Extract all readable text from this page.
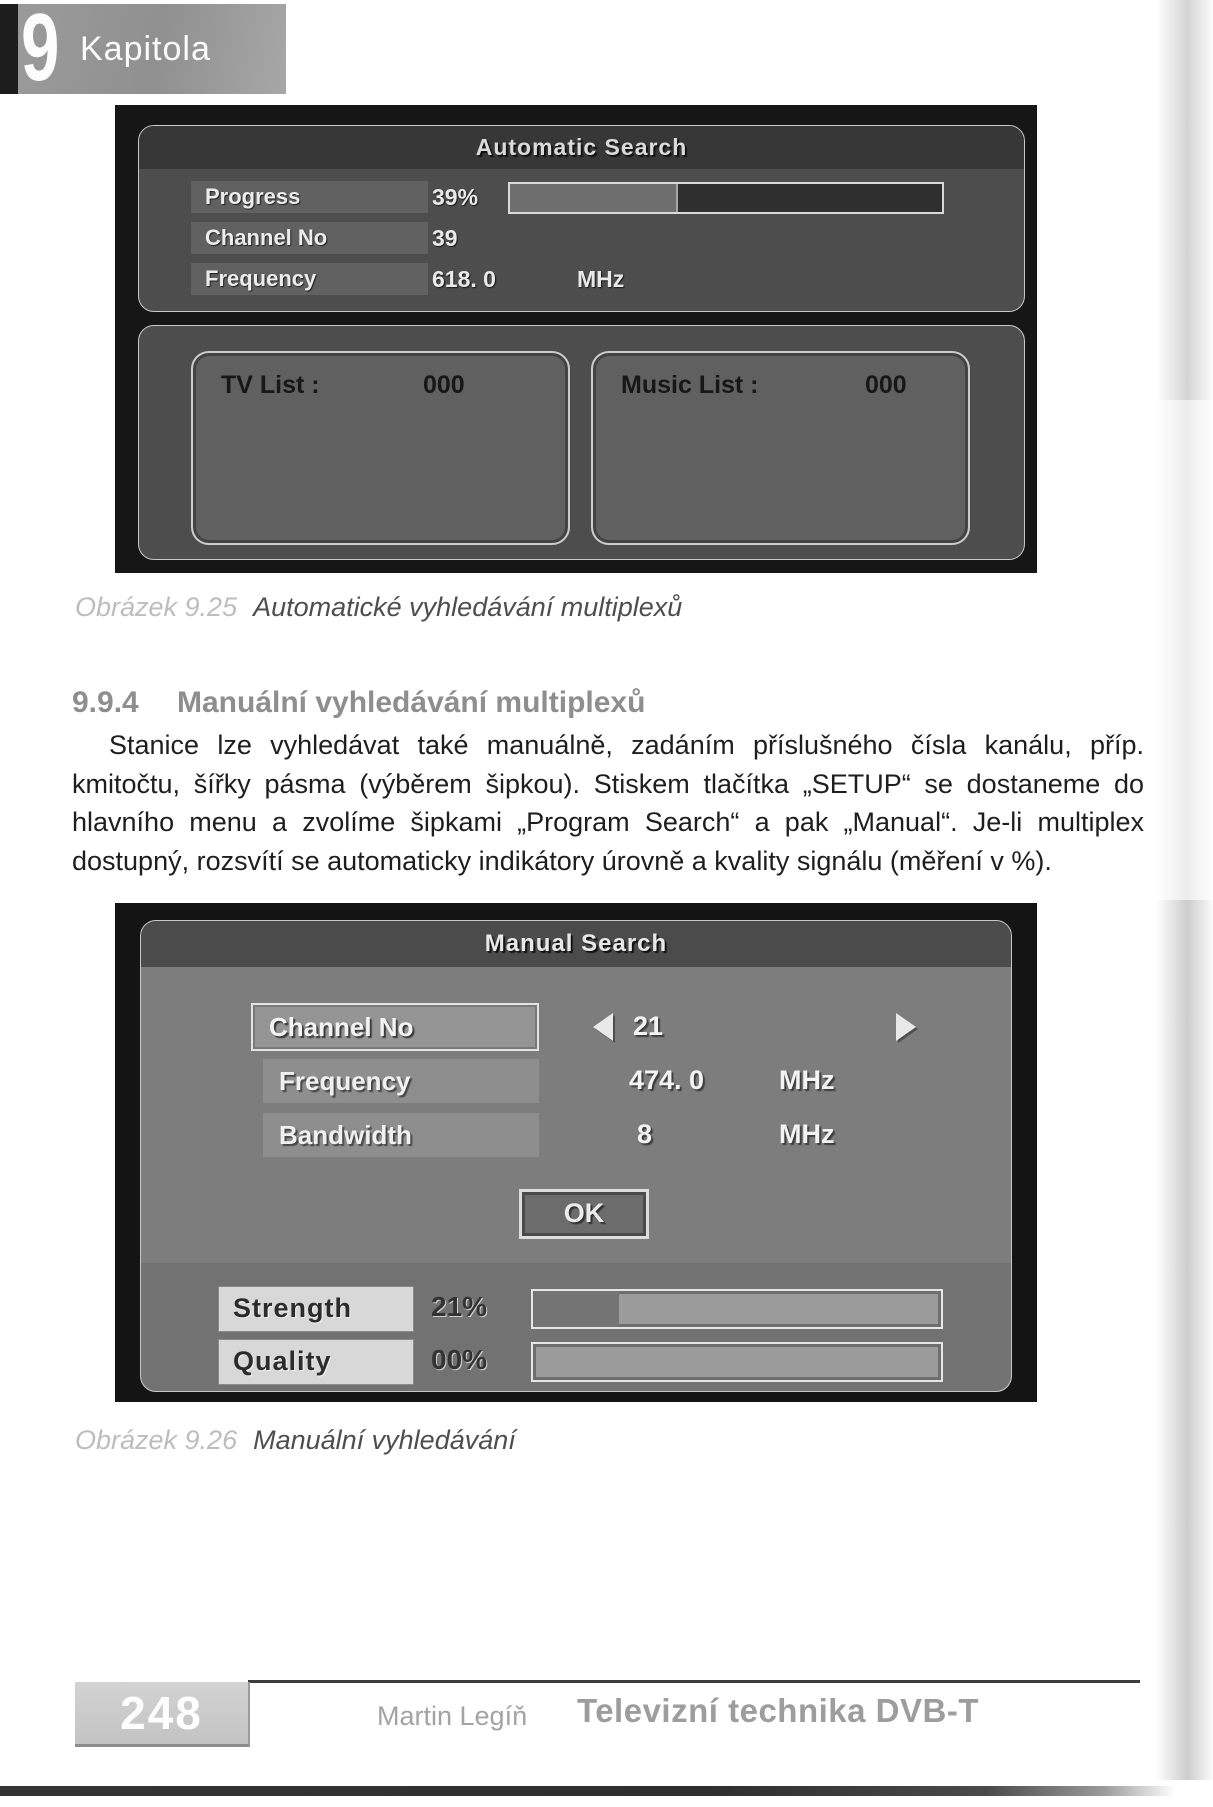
9 Kapitola
Automatic Search
Progress	39%
Channel No	39
Frequency	618. 0	MHz
TV List :	000	Music List :	000
Obrázek 9.25 Automatické vyhledávání multiplexů
9.9.4 Manuální vyhledávání multiplexů

Stanice lze vyhledávat také manuálně, zadáním příslušného čísla kanálu, příp. kmitočtu, šířky pásma (výběrem šipkou). Stiskem tlačítka „SETUP“ se dostaneme do hlavního menu a zvolíme šipkami „Program Search“ a pak „Manual“. Je-li multiplex dostupný, rozsvítí se automaticky indikátory úrovně a kvality signálu (měření v %).

Manual Search
Channel No	21
Frequency	474. 0	MHz
Bandwidth	8	MHz
OK
Strength	21%
Quality	00%
Obrázek 9.26 Manuální vyhledávání
248	Martin Legíň Televizní technika DVB-T
